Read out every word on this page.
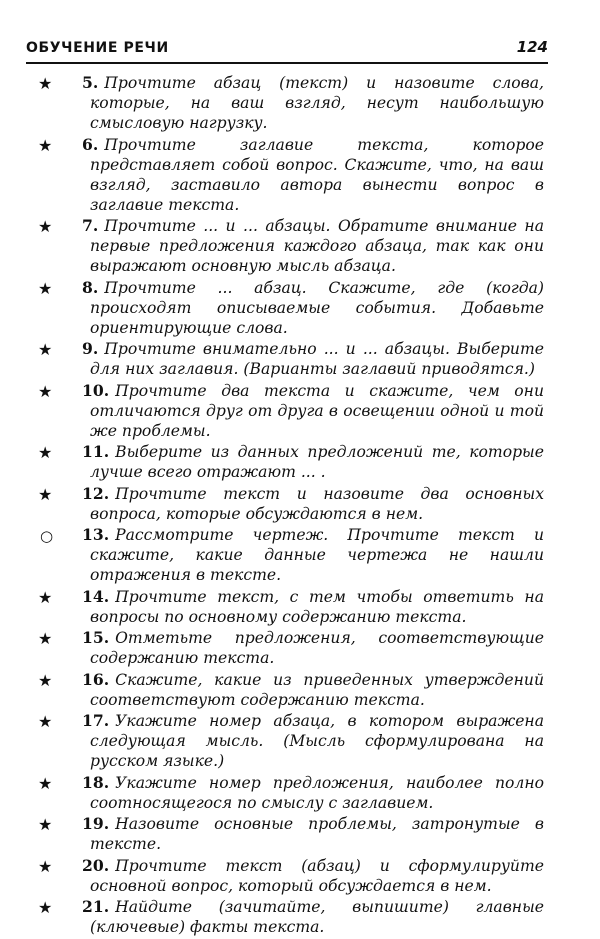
ОБУЧЕНИЕ РЕЧИ	124
★	5. Прочтите абзац (текст) и назовите слова, которые, на ваш взгляд, несут наибольшую смысловую нагрузку.
★	6. Прочтите заглавие текста, которое представляет собой вопрос. Скажите, что, на ваш взгляд, заставило автора вынести вопрос в заглавие текста.
★	7. Прочтите ... и ... абзацы. Обратите внимание на первые предложения каждого абзаца, так как они выражают основную мысль абзаца.
★	8. Прочтите ... абзац. Скажите, где (когда) происходят описываемые события. Добавьте ориентирующие слова.
★	9. Прочтите внимательно ... и ... абзацы. Выберите для них заглавия. (Варианты заглавий приводятся.)
★	10. Прочтите два текста и скажите, чем они отличаются друг от друга в освещении одной и той же проблемы.
★	11. Выберите из данных предложений те, которые лучше всего отражают ... .
★	12. Прочтите текст и назовите два основных вопроса, которые обсуждаются в нем.
○	13. Рассмотрите чертеж. Прочтите текст и скажите, какие данные чертежа не нашли отражения в тексте.
★	14. Прочтите текст, с тем чтобы ответить на вопросы по основному содержанию текста.
★	15. Отметьте предложения, соответствующие содержанию текста.
★	16. Скажите, какие из приведенных утверждений соответствуют содержанию текста.
★	17. Укажите номер абзаца, в котором выражена следующая мысль. (Мысль сформулирована на русском языке.)
★	18. Укажите номер предложения, наиболее полно соотносящегося по смыслу с заглавием.
★	19. Назовите основные проблемы, затронутые в тексте.
★	20. Прочтите текст (абзац) и сформулируйте основной вопрос, который обсуждается в нем.
★	21. Найдите (зачитайте, выпишите) главные (ключевые) факты текста.
